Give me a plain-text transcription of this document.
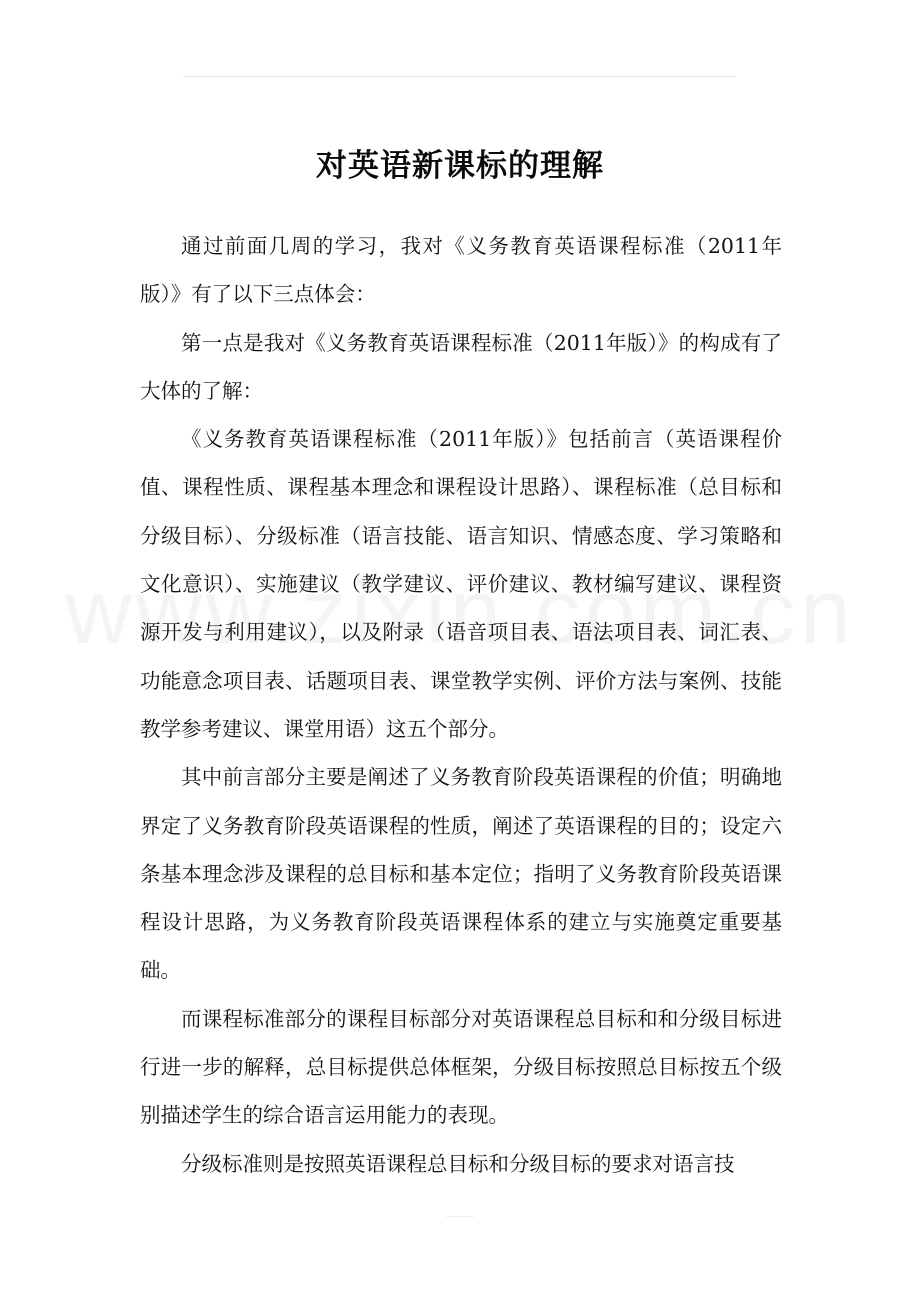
对英语新课标的理解

通过前面几周的学习，我对《义务教育英语课程标准（2011年版）》有了以下三点体会：

第一点是我对《义务教育英语课程标准（2011年版）》的构成有了大体的了解：

《义务教育英语课程标准（2011年版）》包括前言（英语课程价值、课程性质、课程基本理念和课程设计思路）、课程标准（总目标和分级目标）、分级标准（语言技能、语言知识、情感态度、学习策略和文化意识）、实施建议（教学建议、评价建议、教材编写建议、课程资源开发与利用建议），以及附录（语音项目表、语法项目表、词汇表、功能意念项目表、话题项目表、课堂教学实例、评价方法与案例、技能教学参考建议、课堂用语）这五个部分。

其中前言部分主要是阐述了义务教育阶段英语课程的价值；明确地界定了义务教育阶段英语课程的性质，阐述了英语课程的目的；设定六条基本理念涉及课程的总目标和基本定位；指明了义务教育阶段英语课程设计思路，为义务教育阶段英语课程体系的建立与实施奠定重要基础。

而课程标准部分的课程目标部分对英语课程总目标和和分级目标进行进一步的解释，总目标提供总体框架，分级目标按照总目标按五个级别描述学生的综合语言运用能力的表现。

分级标准则是按照英语课程总目标和分级目标的要求对语言技
